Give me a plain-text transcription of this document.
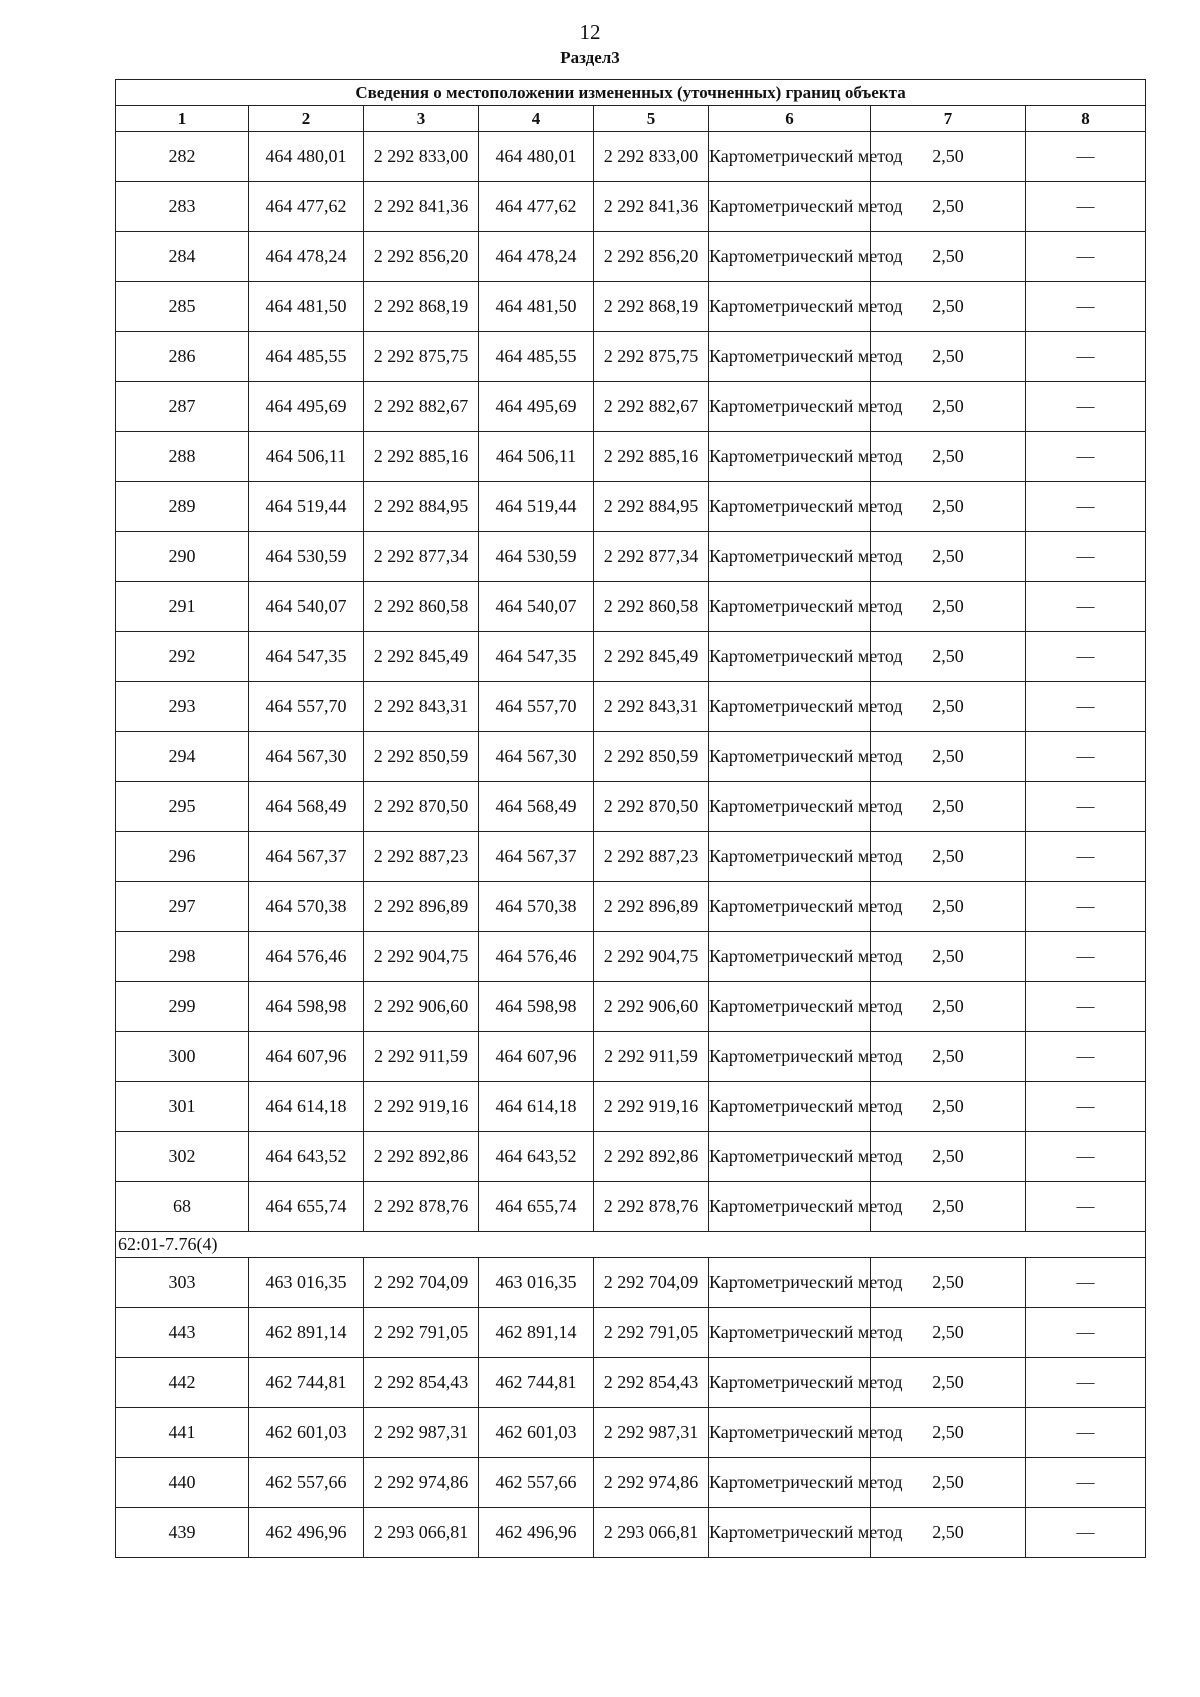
12
Раздел3
Сведения о местоположении измененных (уточненных) границ объекта							
1	2	3	4	5	6	7	8
282	464 480,01	2 292 833,00	464 480,01	2 292 833,00	Картометрический метод	2,50	—
283	464 477,62	2 292 841,36	464 477,62	2 292 841,36	Картометрический метод	2,50	—
284	464 478,24	2 292 856,20	464 478,24	2 292 856,20	Картометрический метод	2,50	—
285	464 481,50	2 292 868,19	464 481,50	2 292 868,19	Картометрический метод	2,50	—
286	464 485,55	2 292 875,75	464 485,55	2 292 875,75	Картометрический метод	2,50	—
287	464 495,69	2 292 882,67	464 495,69	2 292 882,67	Картометрический метод	2,50	—
288	464 506,11	2 292 885,16	464 506,11	2 292 885,16	Картометрический метод	2,50	—
289	464 519,44	2 292 884,95	464 519,44	2 292 884,95	Картометрический метод	2,50	—
290	464 530,59	2 292 877,34	464 530,59	2 292 877,34	Картометрический метод	2,50	—
291	464 540,07	2 292 860,58	464 540,07	2 292 860,58	Картометрический метод	2,50	—
292	464 547,35	2 292 845,49	464 547,35	2 292 845,49	Картометрический метод	2,50	—
293	464 557,70	2 292 843,31	464 557,70	2 292 843,31	Картометрический метод	2,50	—
294	464 567,30	2 292 850,59	464 567,30	2 292 850,59	Картометрический метод	2,50	—
295	464 568,49	2 292 870,50	464 568,49	2 292 870,50	Картометрический метод	2,50	—
296	464 567,37	2 292 887,23	464 567,37	2 292 887,23	Картометрический метод	2,50	—
297	464 570,38	2 292 896,89	464 570,38	2 292 896,89	Картометрический метод	2,50	—
298	464 576,46	2 292 904,75	464 576,46	2 292 904,75	Картометрический метод	2,50	—
299	464 598,98	2 292 906,60	464 598,98	2 292 906,60	Картометрический метод	2,50	—
300	464 607,96	2 292 911,59	464 607,96	2 292 911,59	Картометрический метод	2,50	—
301	464 614,18	2 292 919,16	464 614,18	2 292 919,16	Картометрический метод	2,50	—
302	464 643,52	2 292 892,86	464 643,52	2 292 892,86	Картометрический метод	2,50	—
68	464 655,74	2 292 878,76	464 655,74	2 292 878,76	Картометрический метод	2,50	—
62:01-7.76(4)							
303	463 016,35	2 292 704,09	463 016,35	2 292 704,09	Картометрический метод	2,50	—
443	462 891,14	2 292 791,05	462 891,14	2 292 791,05	Картометрический метод	2,50	—
442	462 744,81	2 292 854,43	462 744,81	2 292 854,43	Картометрический метод	2,50	—
441	462 601,03	2 292 987,31	462 601,03	2 292 987,31	Картометрический метод	2,50	—
440	462 557,66	2 292 974,86	462 557,66	2 292 974,86	Картометрический метод	2,50	—
439	462 496,96	2 293 066,81	462 496,96	2 293 066,81	Картометрический метод	2,50	—
